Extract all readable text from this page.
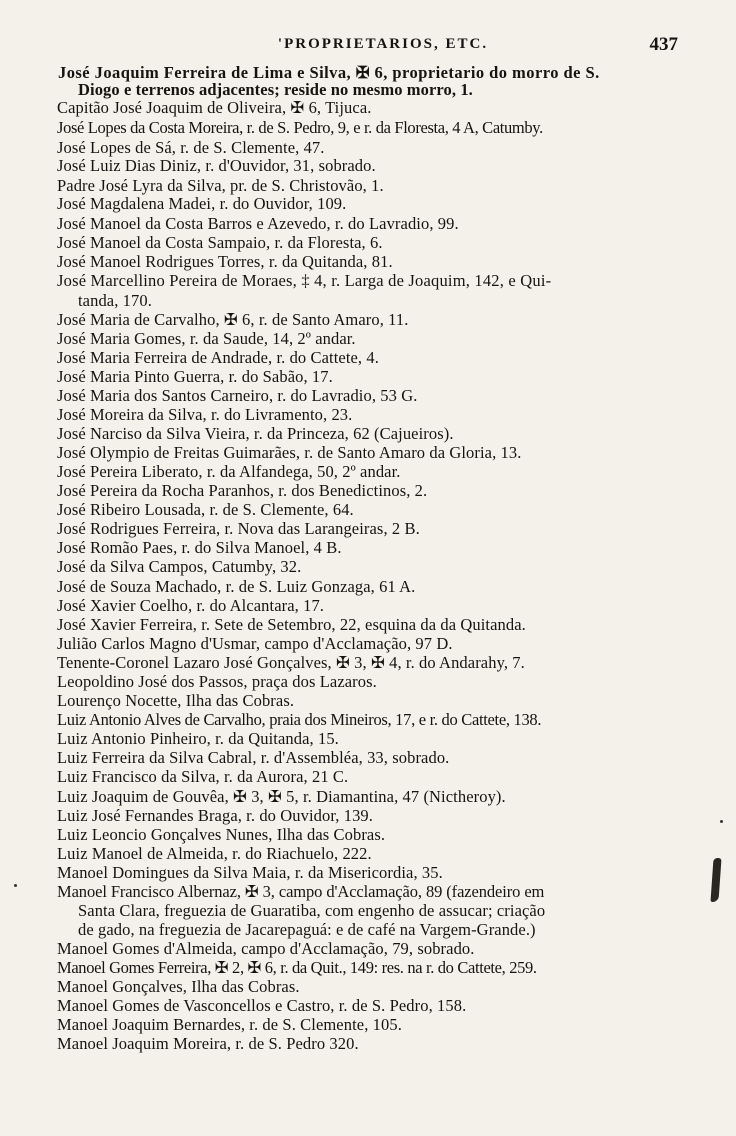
'PROPRIETARIOS, ETC.	437
José Joaquim Ferreira de Lima e Silva, ✠ 6, proprietario do morro de S.
Diogo e terrenos adjacentes; reside no mesmo morro, 1.
Capitão José Joaquim de Oliveira, ✠ 6, Tijuca.
José Lopes da Costa Moreira, r. de S. Pedro, 9, e r. da Floresta, 4 A, Catumby.
José Lopes de Sá, r. de S. Clemente, 47.
José Luiz Dias Diniz, r. d'Ouvidor, 31, sobrado.
Padre José Lyra da Silva, pr. de S. Christovão, 1.
José Magdalena Madei, r. do Ouvidor, 109.
José Manoel da Costa Barros e Azevedo, r. do Lavradio, 99.
José Manoel da Costa Sampaio, r. da Floresta, 6.
José Manoel Rodrigues Torres, r. da Quitanda, 81.
José Marcellino Pereira de Moraes, ‡ 4, r. Larga de Joaquim, 142, e Qui-
tanda, 170.
José Maria de Carvalho, ✠ 6, r. de Santo Amaro, 11.
José Maria Gomes, r. da Saude, 14, 2º andar.
José Maria Ferreira de Andrade, r. do Cattete, 4.
José Maria Pinto Guerra, r. do Sabão, 17.
José Maria dos Santos Carneiro, r. do Lavradio, 53 G.
José Moreira da Silva, r. do Livramento, 23.
José Narciso da Silva Vieira, r. da Princeza, 62 (Cajueiros).
José Olympio de Freitas Guimarães, r. de Santo Amaro da Gloria, 13.
José Pereira Liberato, r. da Alfandega, 50, 2º andar.
José Pereira da Rocha Paranhos, r. dos Benedictinos, 2.
José Ribeiro Lousada, r. de S. Clemente, 64.
José Rodrigues Ferreira, r. Nova das Larangeiras, 2 B.
José Romão Paes, r. do Silva Manoel, 4 B.
José da Silva Campos, Catumby, 32.
José de Souza Machado, r. de S. Luiz Gonzaga, 61 A.
José Xavier Coelho, r. do Alcantara, 17.
José Xavier Ferreira, r. Sete de Setembro, 22, esquina da da Quitanda.
Julião Carlos Magno d'Usmar, campo d'Acclamação, 97 D.
Tenente-Coronel Lazaro José Gonçalves, ✠ 3, ✠ 4, r. do Andarahy, 7.
Leopoldino José dos Passos, praça dos Lazaros.
Lourenço Nocette, Ilha das Cobras.
Luiz Antonio Alves de Carvalho, praia dos Mineiros, 17, e r. do Cattete, 138.
Luiz Antonio Pinheiro, r. da Quitanda, 15.
Luiz Ferreira da Silva Cabral, r. d'Assembléa, 33, sobrado.
Luiz Francisco da Silva, r. da Aurora, 21 C.
Luiz Joaquim de Gouvêa, ✠ 3, ✠ 5, r. Diamantina, 47 (Nictheroy).
Luiz José Fernandes Braga, r. do Ouvidor, 139.
Luiz Leoncio Gonçalves Nunes, Ilha das Cobras.
Luiz Manoel de Almeida, r. do Riachuelo, 222.
Manoel Domingues da Silva Maia, r. da Misericordia, 35.
Manoel Francisco Albernaz, ✠ 3, campo d'Acclamação, 89 (fazendeiro em
Santa Clara, freguezia de Guaratiba, com engenho de assucar; criação
de gado, na freguezia de Jacarepaguá: e de café na Vargem-Grande.)
Manoel Gomes d'Almeida, campo d'Acclamação, 79, sobrado.
Manoel Gomes Ferreira, ✠ 2, ✠ 6, r. da Quit., 149: res. na r. do Cattete, 259.
Manoel Gonçalves, Ilha das Cobras.
Manoel Gomes de Vasconcellos e Castro, r. de S. Pedro, 158.
Manoel Joaquim Bernardes, r. de S. Clemente, 105.
Manoel Joaquim Moreira, r. de S. Pedro 320.
